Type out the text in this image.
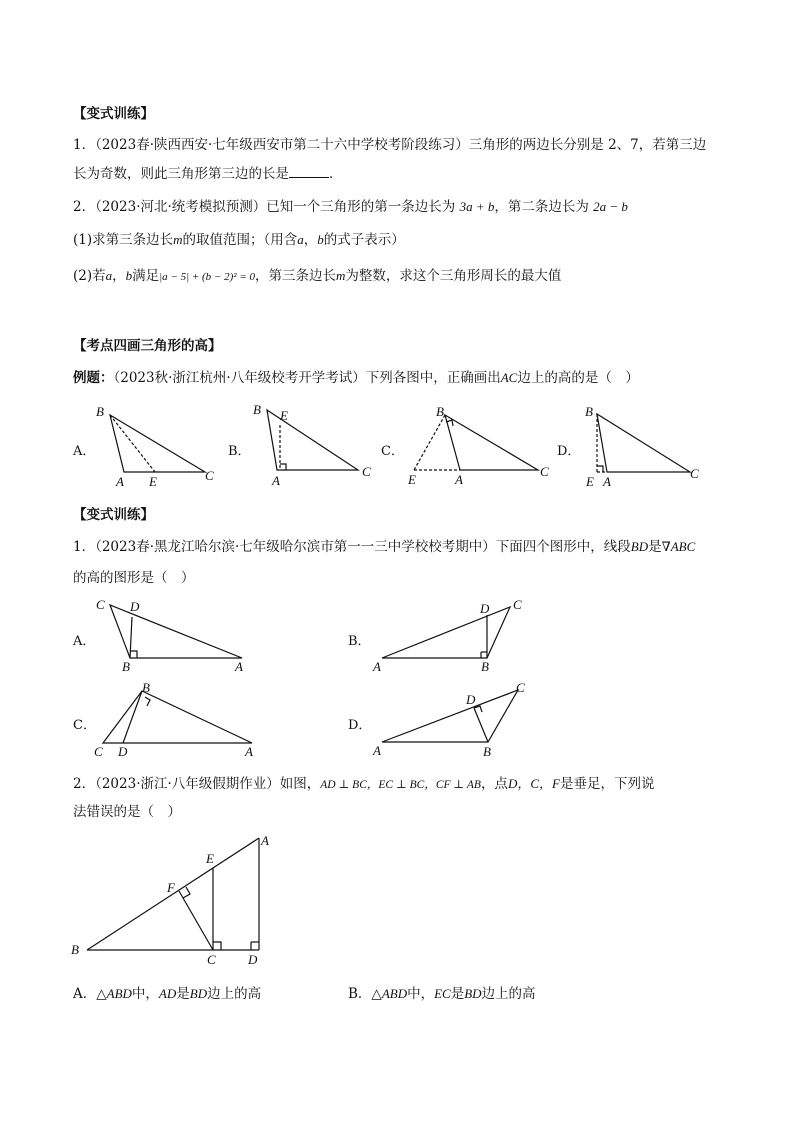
【变式训练】
1．（2023春·陕西西安·七年级西安市第二十六中学校考阶段练习）三角形的两边长分别是 2、7，若第三边
长为奇数，则此三角形第三边的长是	．
2．（2023·河北·统考模拟预测）已知一个三角形的第一条边长为 3a + b，第二条边长为 2a − b
(1)求第三条边长m的取值范围；（用含a，b的式子表示）
(2)若a，b满足|a − 5| + (b − 2)² = 0，第三条边长m为整数，求这个三角形周长的最大值
【考点四画三角形的高】
例题：（2023秋·浙江杭州·八年级校考开学考试）下列各图中，正确画出AC边上的高的是（　）
A．
B
A E	C
B．
B E
A
C
C．
B
E	A
C
D．
B
E A
C
【变式训练】
1．（2023春·黑龙江哈尔滨·七年级哈尔滨市第一一三中学校校考期中）下面四个图形中，线段BD是∇ABC
的高的图形是（　）
A．
C D
B	A
B．
A	B
D C
C．
B
C D	A
D．
A	B
D
C
2．（2023·浙江·八年级假期作业）如图，AD ⊥ BC，EC ⊥ BC，CF ⊥ AB，点D，C，F是垂足，下列说
法错误的是（　）
B
C D
A
E
F
A．△ABD中，AD是BD边上的高	B．△ABD中，EC是BD边上的高
